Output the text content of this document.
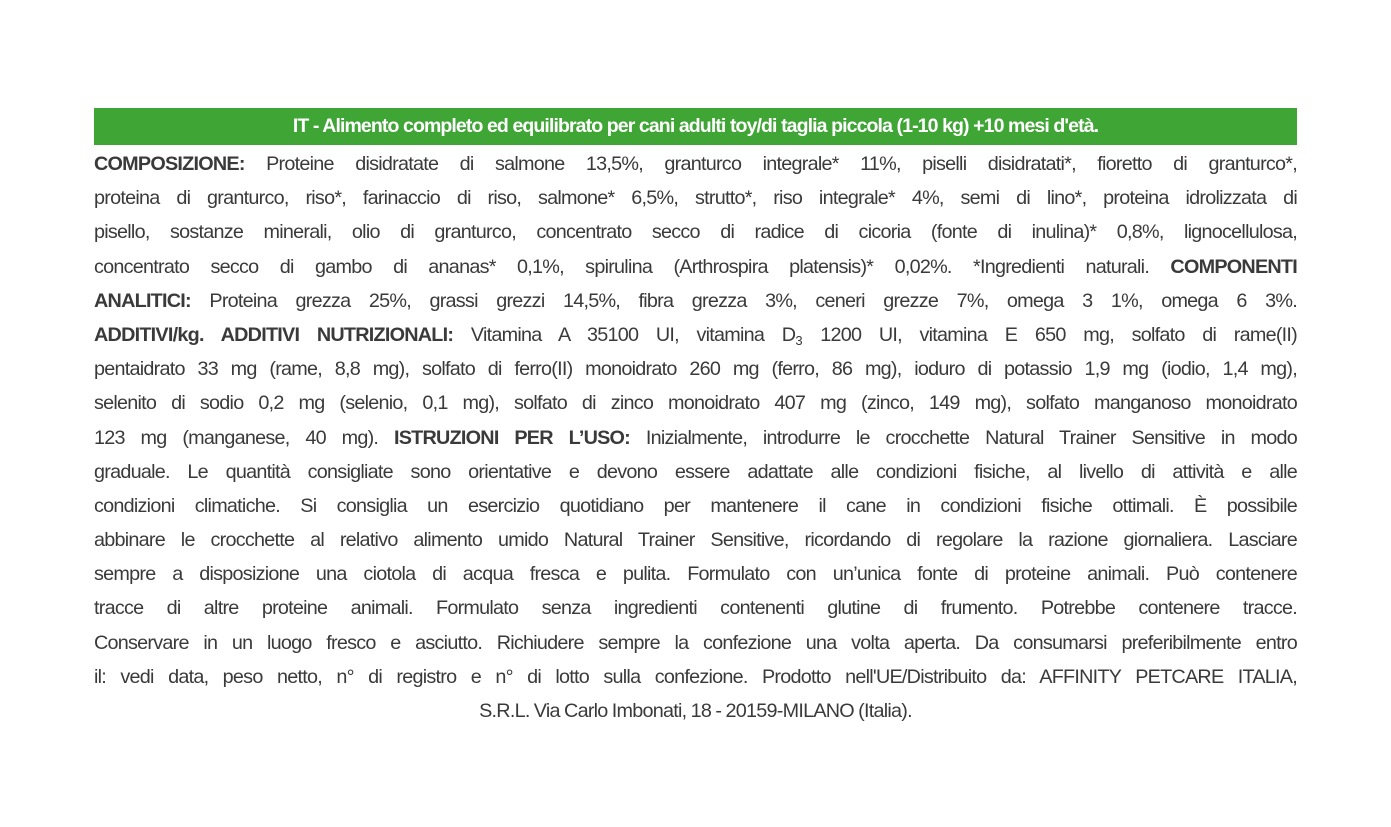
IT - Alimento completo ed equilibrato per cani adulti toy/di taglia piccola (1-10 kg) +10 mesi d'età.
COMPOSIZIONE: Proteine disidratate di salmone 13,5%, granturco integrale* 11%, piselli disidratati*, fioretto di granturco*,
proteina di granturco, riso*, farinaccio di riso, salmone* 6,5%, strutto*, riso integrale* 4%, semi di lino*, proteina idrolizzata di
pisello, sostanze minerali, olio di granturco, concentrato secco di radice di cicoria (fonte di inulina)* 0,8%, lignocellulosa,
concentrato secco di gambo di ananas* 0,1%, spirulina (Arthrospira platensis)* 0,02%. *Ingredienti naturali. COMPONENTI
ANALITICI: Proteina grezza 25%, grassi grezzi 14,5%, fibra grezza 3%, ceneri grezze 7%, omega 3 1%, omega 6 3%.
ADDITIVI/kg. ADDITIVI NUTRIZIONALI: Vitamina A 35100 UI, vitamina $D_3$ 1200 UI, vitamina E 650 mg, solfato di rame(II)
pentaidrato 33 mg (rame, 8,8 mg), solfato di ferro(II) monoidrato 260 mg (ferro, 86 mg), ioduro di potassio 1,9 mg (iodio, 1,4 mg),
selenito di sodio 0,2 mg (selenio, 0,1 mg), solfato di zinco monoidrato 407 mg (zinco, 149 mg), solfato manganoso monoidrato
123 mg (manganese, 40 mg). ISTRUZIONI PER L’USO: Inizialmente, introdurre le crocchette Natural Trainer Sensitive in modo
graduale. Le quantità consigliate sono orientative e devono essere adattate alle condizioni fisiche, al livello di attività e alle
condizioni climatiche. Si consiglia un esercizio quotidiano per mantenere il cane in condizioni fisiche ottimali. È possibile
abbinare le crocchette al relativo alimento umido Natural Trainer Sensitive, ricordando di regolare la razione giornaliera. Lasciare
sempre a disposizione una ciotola di acqua fresca e pulita. Formulato con un’unica fonte di proteine animali. Può contenere
tracce di altre proteine animali. Formulato senza ingredienti contenenti glutine di frumento. Potrebbe contenere tracce.
Conservare in un luogo fresco e asciutto. Richiudere sempre la confezione una volta aperta. Da consumarsi preferibilmente entro
il: vedi data, peso netto, n° di registro e n° di lotto sulla confezione. Prodotto nell'UE/Distribuito da: AFFINITY PETCARE ITALIA,
S.R.L. Via Carlo Imbonati, 18 - 20159-MILANO (Italia).
